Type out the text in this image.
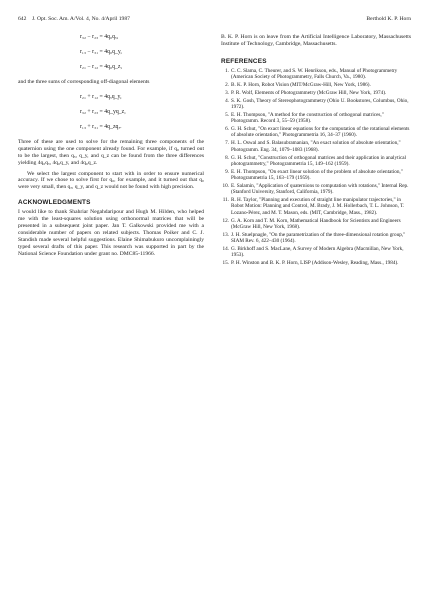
642 J. Opt. Soc. Am. A/Vol. 4, No. 4/April 1987	Berthold K. P. Horn
r₃₂ − r₂₃ = 4q₀qₓ,
r₁₃ − r₃₁ = 4q₀q_y,
r₂₁ − r₁₂ = 4q₀q_z,

and the three sums of corresponding off-diagonal elements

r₂₁ + r₁₂ = 4qₓq_y,
r₃₂ + r₂₃ = 4q_yq_z,
r₁₃ + r₃₁ = 4q_zqₓ.

Three of these are used to solve for the remaining three components of the quaternion using the one component already found. For example, if q₀ turned out to be the largest, then qₓ, q_y, and q_z can be found from the three differences yielding 4q₀qₓ, 4q₀q_y, and 4q₀q_z.

We select the largest component to start with in order to ensure numerical accuracy. If we chose to solve first for q₀, for example, and it turned out that q₀ were very small, then qₓ, q_y, and q_z would not be found with high precision.

ACKNOWLEDGMENTS

I would like to thank Shahriar Negahdaripour and Hugh M. Hilden, who helped me with the least-squares solution using orthonormal matrices that will be presented in a subsequent joint paper. Jan T. Galkowski provided me with a considerable number of papers on related subjects. Thomas Poiker and C. J. Standish made several helpful suggestions. Elaine Shimabukuro uncomplainingly typed several drafts of this paper. This research was supported in part by the National Science Foundation under grant no. DMC85-11966.

B. K. P. Horn is on leave from the Artificial Intelligence Laboratory, Massachusetts Institute of Technology, Cambridge, Massachusetts.

REFERENCES
1. C. C. Slama, C. Theurer, and S. W. Henrikson, eds., Manual of Photogrammetry (American Society of Photogrammetry, Falls Church, Va., 1980).
2. B. K. P. Horn, Robot Vision (MIT/McGraw-Hill, New York, 1986).
3. P. R. Wolf, Elements of Photogrammetry (McGraw Hill, New York, 1974).
4. S. K. Gosh, Theory of Stereophotogrammetry (Ohio U. Bookstores, Columbus, Ohio, 1972).
5. E. H. Thompson, "A method for the construction of orthogonal matrices," Photogramm. Record 3, 55–59 (1958).
6. G. H. Schut, "On exact linear equations for the computation of the rotational elements of absolute orientation," Photogrammetria 16, 34–37 (1960).
7. H. L. Oswal and S. Balasubramanian, "An exact solution of absolute orientation," Photogramm. Eng. 34, 1079–1083 (1968).
8. G. H. Schut, "Construction of orthogonal matrices and their application in analytical photogrammetry," Photogrammetria 15, 149–162 (1959).
9. E. H. Thompson, "On exact linear solution of the problem of absolute orientation," Photogrammetria 15, 163–179 (1959).
10. E. Salamin, "Application of quaternions to computation with rotations," Internal Rep. (Stanford University, Stanford, California, 1979).
11. R. H. Taylor, "Planning and execution of straight line manipulator trajectories," in Robot Motion: Planning and Control, M. Brady, J. M. Hollerbach, T. L. Johnson, T. Lozano-Pérez, and M. T. Mason, eds. (MIT, Cambridge, Mass., 1982).
12. G. A. Korn and T. M. Korn, Mathematical Handbook for Scientists and Engineers (McGraw Hill, New York, 1968).
13. J. H. Stuelpnagle, "On the parametrization of the three-dimensional rotation group," SIAM Rev. 6, 422–430 (1964).
14. G. Birkhoff and S. MacLane, A Survey of Modern Algebra (Macmillan, New York, 1953).
15. P. H. Winston and B. K. P. Horn, LISP (Addison-Wesley, Reading, Mass., 1984).
